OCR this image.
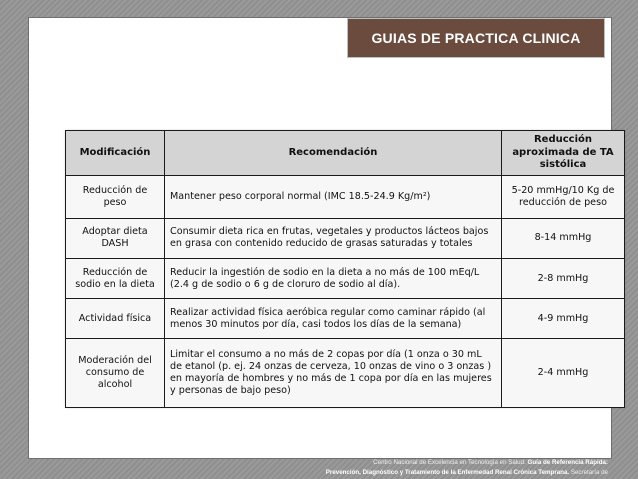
GUIAS DE PRACTICA CLINICA
Modificación	Recomendación	Reducción aproximada de TA sistólica
Reducción de peso	Mantener peso corporal normal (IMC 18.5-24.9 Kg/m²)	5-20 mmHg/10 Kg de reducción de peso
Adoptar dieta DASH	Consumir dieta rica en frutas, vegetales y productos lácteos bajos en grasa con contenido reducido de grasas saturadas y totales	8-14 mmHg
Reducción de sodio en la dieta	Reducir la ingestión de sodio en la dieta a no más de 100 mEq/L (2.4 g de sodio o 6 g de cloruro de sodio al día).	2-8 mmHg
Actividad física	Realizar actividad física aeróbica regular como caminar rápido (al menos 30 minutos por día, casi todos los días de la semana)	4-9 mmHg
Moderación del consumo de alcohol	Limitar el consumo a no más de 2 copas por día (1 onza o 30 mL de etanol (p. ej. 24 onzas de cerveza, 10 onzas de vino o 3 onzas ) en mayoría de hombres y no más de 1 copa por día en las mujeres y personas de bajo peso)	2-4 mmHg
Centro Nacional de Excelencia en Tecnología en Salud. Guía de Referencia Rápida:
Prevención, Diagnóstico y Tratamiento de la Enfermedad Renal Crónica Temprana. Secretaría de
